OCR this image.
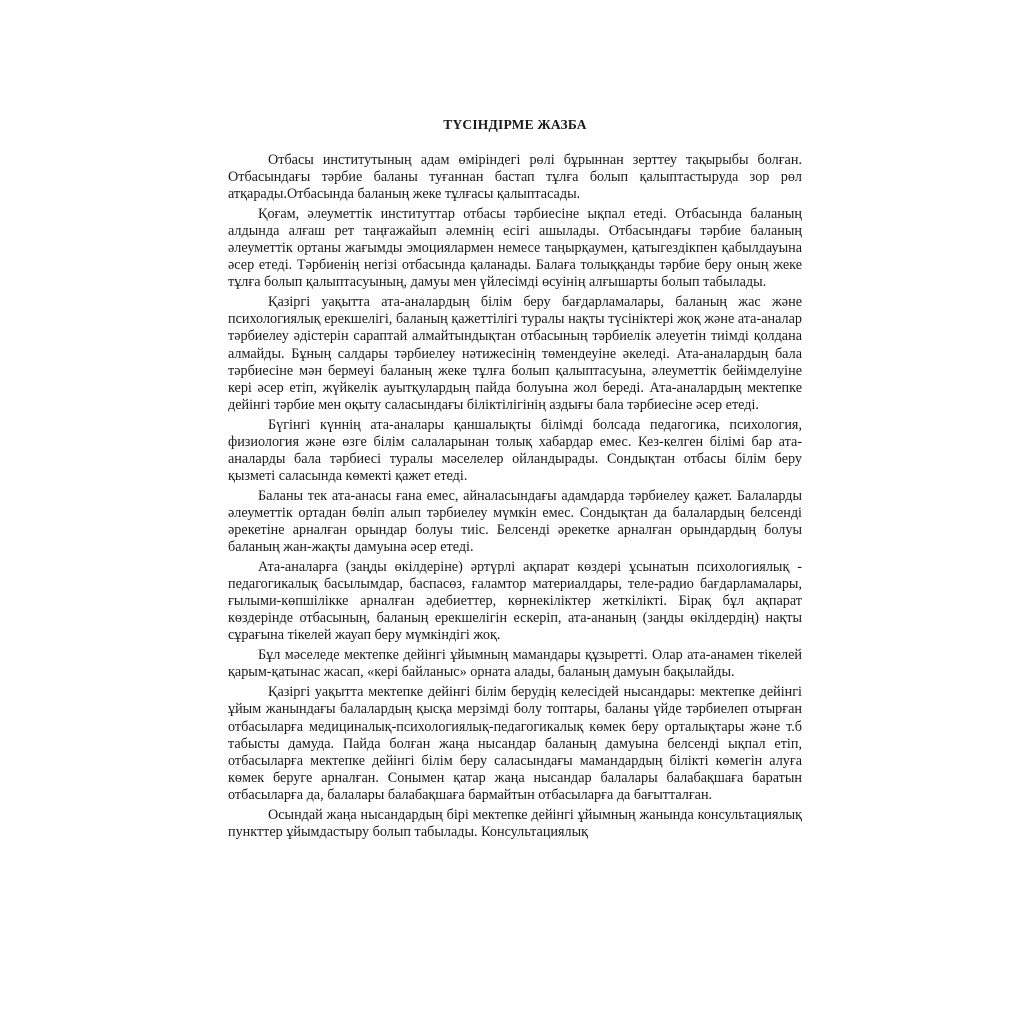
ТҮСІНДІРМЕ ЖАЗБА

Отбасы институтының адам өміріндегі рөлі бұрыннан зерттеу тақырыбы болған. Отбасындағы тәрбие баланы туғаннан бастап тұлға болып қалыптастыруда зор рөл атқарады.Отбасында баланың жеке тұлғасы қалыптасады.

Қоғам, әлеуметтік институттар отбасы тәрбиесіне ықпал етеді. Отбасында баланың алдында алғаш рет таңғажайып әлемнің есігі ашылады. Отбасындағы тәрбие баланың әлеуметтік ортаны жағымды эмоциялармен немесе таңырқаумен, қатыгездікпен қабылдауына әсер етеді. Тәрбиенің негізі отбасында қаланады. Балаға толыққанды тәрбие беру оның жеке тұлға болып қалыптасуының, дамуы мен үйлесімді өсуінің алғышарты болып табылады.

Қазіргі уақытта ата-аналардың білім беру бағдарламалары, баланың жас және психологиялық ерекшелігі, баланың қажеттілігі туралы нақты түсініктері жоқ және ата-аналар тәрбиелеу әдістерін сараптай алмайтындықтан отбасының тәрбиелік әлеуетін тиімді қолдана алмайды. Бұның салдары тәрбиелеу нәтижесінің төмендеуіне әкеледі. Ата-аналардың бала тәрбиесіне мән бермеуі баланың жеке тұлға болып қалыптасуына, әлеуметтік бейімделуіне кері әсер етіп, жүйкелік ауытқулардың пайда болуына жол береді. Ата-аналардың мектепке дейінгі тәрбие мен оқыту саласындағы біліктілігінің аздығы бала тәрбиесіне әсер етеді.

Бүгінгі күннің ата-аналары қаншалықты білімді болсада педагогика, психология, физиология және өзге білім салаларынан толық хабардар емес. Кез-келген білімі бар ата-аналарды бала тәрбиесі туралы мәселелер ойландырады. Сондықтан отбасы білім беру қызметі саласында көмекті қажет етеді.

Баланы тек ата-анасы ғана емес, айналасындағы адамдарда тәрбиелеу қажет. Балаларды әлеуметтік ортадан бөліп алып тәрбиелеу мүмкін емес. Сондықтан да балалардың белсенді әрекетіне арналған орындар болуы тиіс. Белсенді әрекетке арналған орындардың болуы баланың жан-жақты дамуына әсер етеді.

Ата-аналарға (заңды өкілдеріне) әртүрлі ақпарат көздері ұсынатын психологиялық - педагогикалық басылымдар, баспасөз, ғаламтор материалдары, теле-радио бағдарламалары, ғылыми-көпшілікке арналған әдебиеттер, көрнекіліктер жеткілікті. Бірақ бұл ақпарат көздерінде отбасының, баланың ерекшелігін ескеріп, ата-ананың (заңды өкілдердің) нақты сұрағына тікелей жауап беру мүмкіндігі жоқ.

Бұл мәселеде мектепке дейінгі ұйымның мамандары құзыретті. Олар ата-анамен тікелей қарым-қатынас жасап, «кері байланыс» орната алады, баланың дамуын бақылайды.

Қазіргі уақытта мектепке дейінгі білім берудің келесідей нысандары: мектепке дейінгі ұйым жанындағы балалардың қысқа мерзімді болу топтары, баланы үйде тәрбиелеп отырған отбасыларға медициналық-психологиялық-педагогикалық көмек беру орталықтары және т.б табысты дамуда. Пайда болған жаңа нысандар баланың дамуына белсенді ықпал етіп, отбасыларға мектепке дейінгі білім беру саласындағы мамандардың білікті көмегін алуға көмек беруге арналған. Сонымен қатар жаңа нысандар балалары балабақшаға баратын отбасыларға да, балалары балабақшаға бармайтын отбасыларға да бағытталған.

Осындай жаңа нысандардың бірі мектепке дейінгі ұйымның жанында консультациялық пункттер ұйымдастыру болып табылады. Консультациялық
